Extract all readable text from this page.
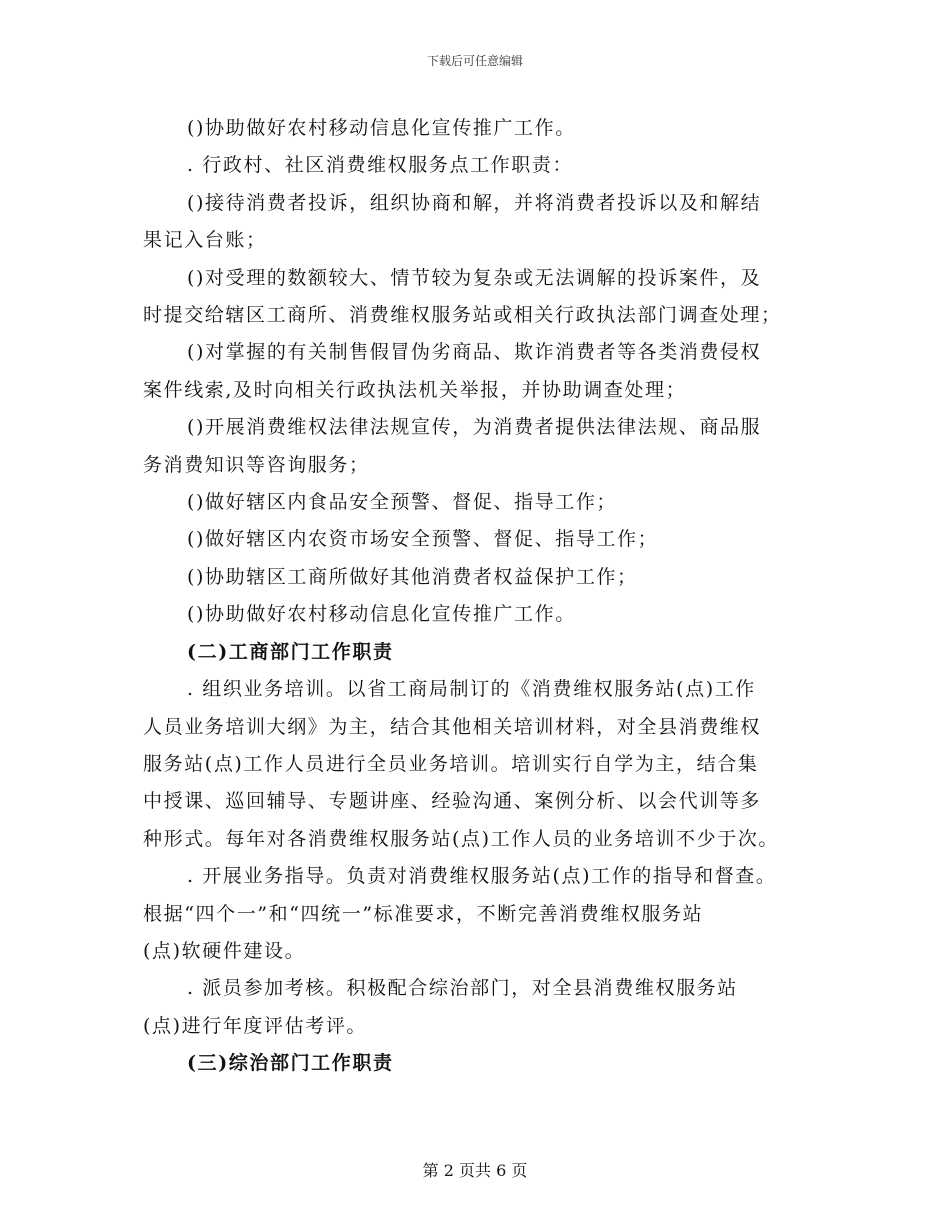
下载后可任意编辑

()协助做好农村移动信息化宣传推广工作。

. 行政村、社区消费维权服务点工作职责：

()接待消费者投诉，组织协商和解，并将消费者投诉以及和解结

果记入台账；

()对受理的数额较大、情节较为复杂或无法调解的投诉案件，及

时提交给辖区工商所、消费维权服务站或相关行政执法部门调查处理；

()对掌握的有关制售假冒伪劣商品、欺诈消费者等各类消费侵权

案件线索,及时向相关行政执法机关举报，并协助调查处理；

()开展消费维权法律法规宣传，为消费者提供法律法规、商品服

务消费知识等咨询服务；

()做好辖区内食品安全预警、督促、指导工作；

()做好辖区内农资市场安全预警、督促、指导工作；

()协助辖区工商所做好其他消费者权益保护工作；

()协助做好农村移动信息化宣传推广工作。

(二)工商部门工作职责

. 组织业务培训。以省工商局制订的《消费维权服务站(点)工作

人员业务培训大纲》为主，结合其他相关培训材料，对全县消费维权

服务站(点)工作人员进行全员业务培训。培训实行自学为主，结合集

中授课、巡回辅导、专题讲座、经验沟通、案例分析、以会代训等多

种形式。每年对各消费维权服务站(点)工作人员的业务培训不少于次。

. 开展业务指导。负责对消费维权服务站(点)工作的指导和督查。

根据“四个一”和“四统一”标准要求，不断完善消费维权服务站

(点)软硬件建设。

. 派员参加考核。积极配合综治部门，对全县消费维权服务站

(点)进行年度评估考评。

(三)综治部门工作职责

第 2 页共 6 页
